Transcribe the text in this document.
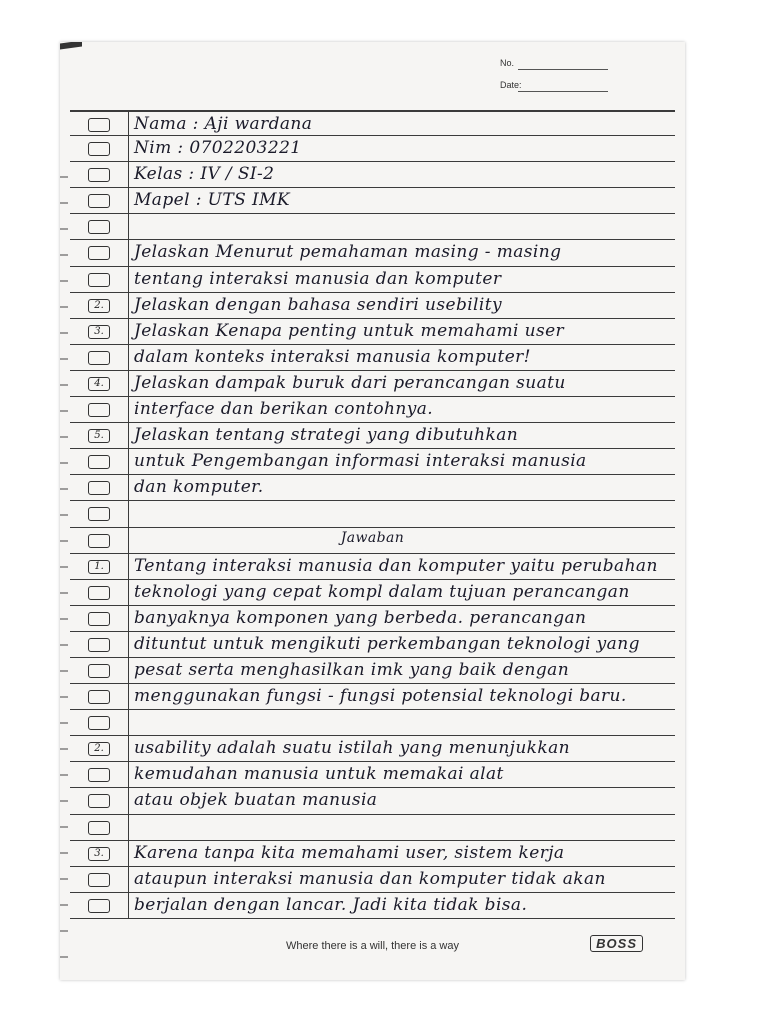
No.
Date:
Nama : Aji wardana
Nim : 0702203221
Kelas : IV / SI-2
Mapel : UTS IMK
Jelaskan Menurut pemahaman masing - masing
tentang interaksi manusia dan komputer
2.	Jelaskan dengan bahasa sendiri usebility
3.	Jelaskan Kenapa penting untuk memahami user
dalam konteks interaksi manusia komputer!
4.	Jelaskan dampak buruk dari perancangan suatu
interface dan berikan contohnya.
5.	Jelaskan tentang strategi yang dibutuhkan
untuk Pengembangan informasi interaksi manusia
dan komputer.
Jawaban
1.	Tentang interaksi manusia dan komputer yaitu perubahan
teknologi yang cepat kompl dalam tujuan perancangan
banyaknya komponen yang berbeda. perancangan
dituntut untuk mengikuti perkembangan teknologi yang
pesat serta menghasilkan imk yang baik dengan
menggunakan fungsi - fungsi potensial teknologi baru.
2.	usability adalah suatu istilah yang menunjukkan
kemudahan manusia untuk memakai alat
atau objek buatan manusia
3.	Karena tanpa kita memahami user, sistem kerja
ataupun interaksi manusia dan komputer tidak akan
berjalan dengan lancar. Jadi kita tidak bisa.
Where there is a will, there is a way	BOSS
